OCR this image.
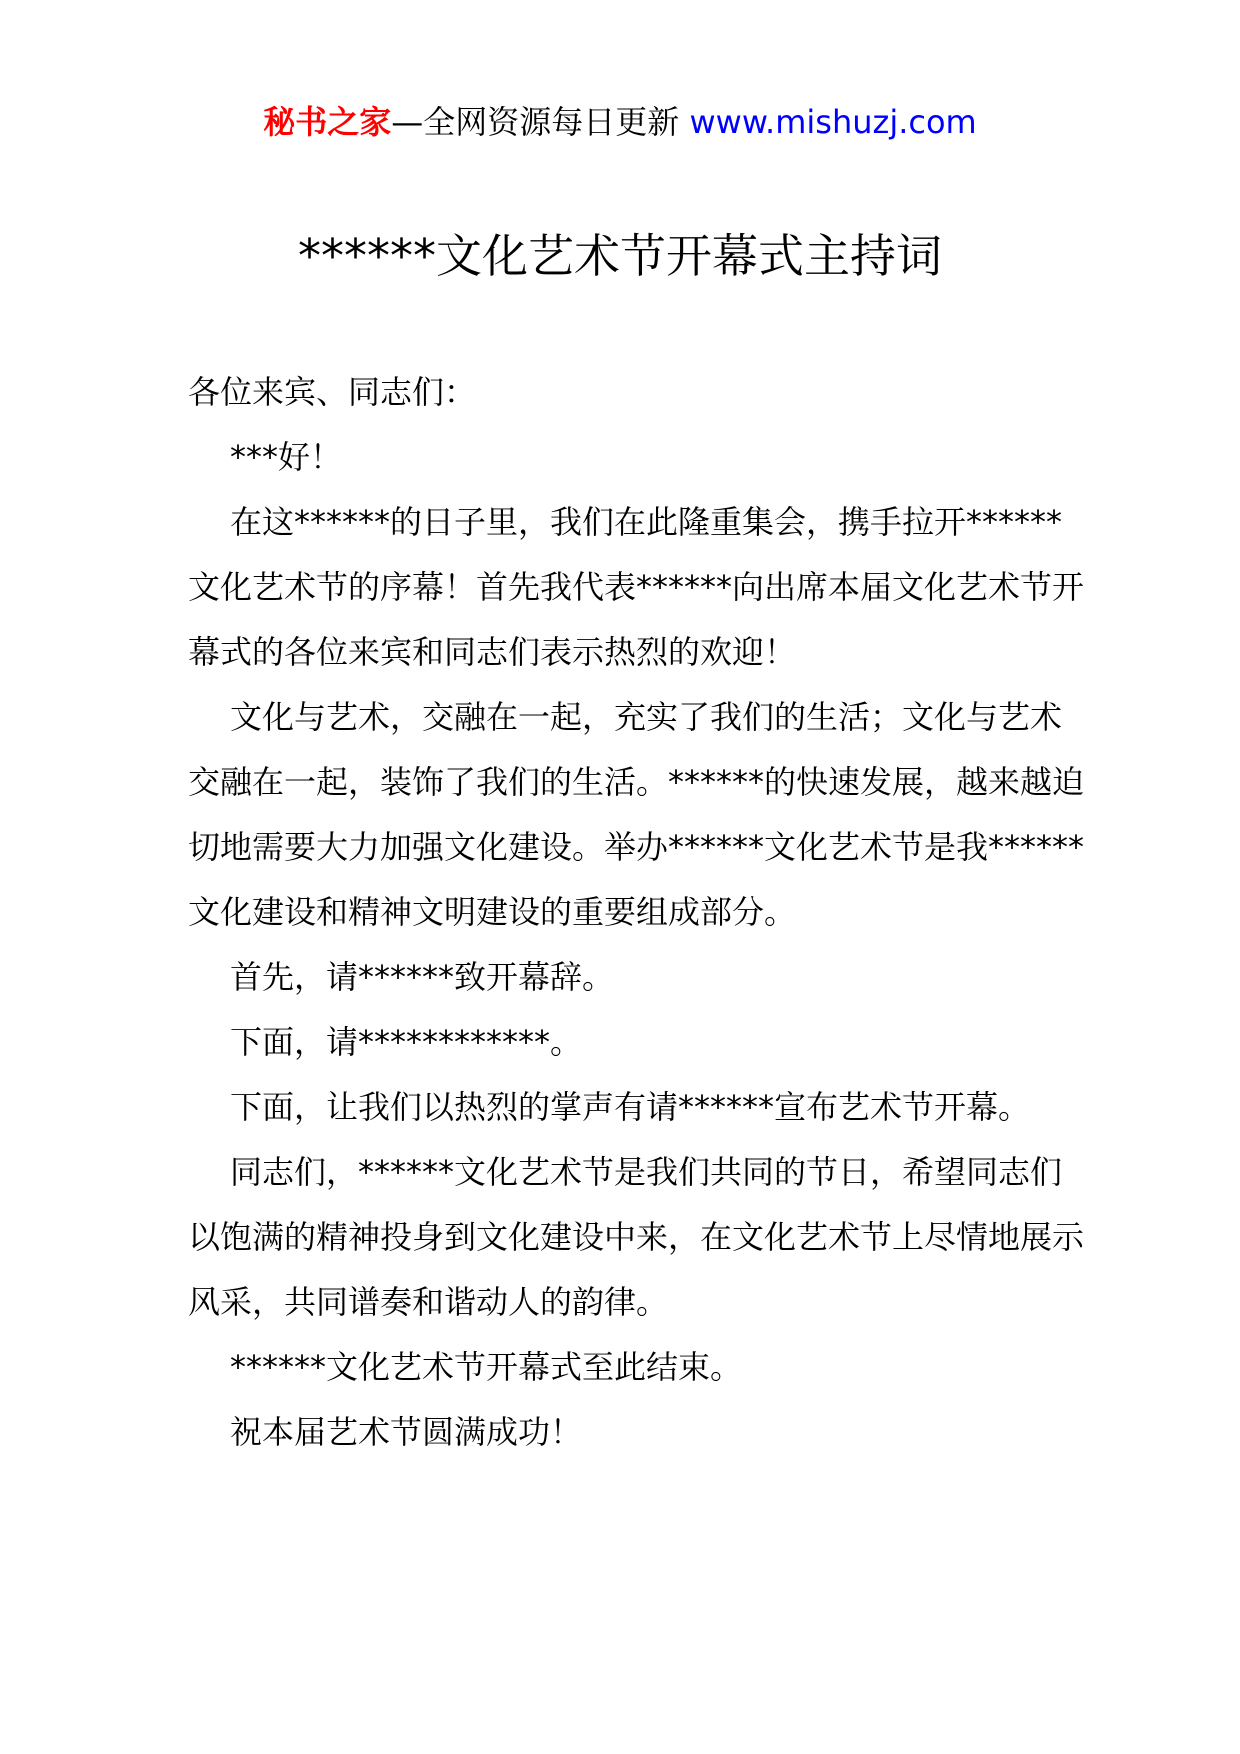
秘书之家—全网资源每日更新 www.mishuzj.com
******文化艺术节开幕式主持词

各位来宾、同志们：

***好！

在这******的日子里，我们在此隆重集会，携手拉开******文化艺术节的序幕！首先我代表******向出席本届文化艺术节开幕式的各位来宾和同志们表示热烈的欢迎！

文化与艺术，交融在一起，充实了我们的生活；文化与艺术交融在一起，装饰了我们的生活。******的快速发展，越来越迫切地需要大力加强文化建设。举办******文化艺术节是我******文化建设和精神文明建设的重要组成部分。

首先，请******致开幕辞。

下面，请************。

下面，让我们以热烈的掌声有请******宣布艺术节开幕。

同志们，******文化艺术节是我们共同的节日，希望同志们以饱满的精神投身到文化建设中来，在文化艺术节上尽情地展示风采，共同谱奏和谐动人的韵律。

******文化艺术节开幕式至此结束。

祝本届艺术节圆满成功！
